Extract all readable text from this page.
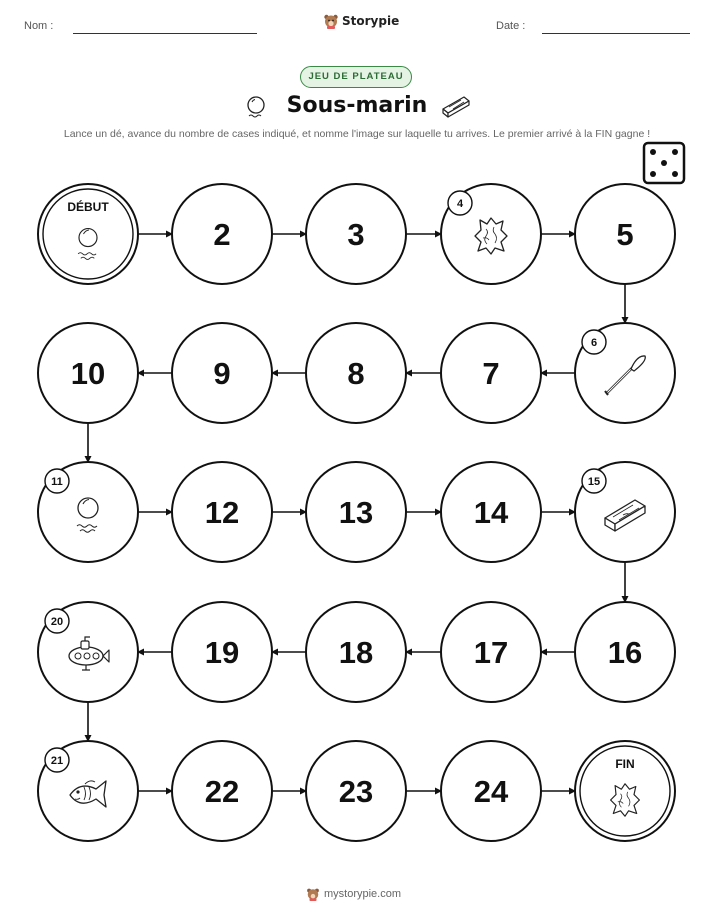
Nom :	Storypie	Date :
JEU DE PLATEAU
Sous-marin
Lance un dé, avance du nombre de cases indiqué, et nomme l'image sur laquelle tu arrives. Le premier arrivé à la FIN gagne !
DÉBUT
2	3
4
5
6
7
8
9
10
11
12	13	14
15
16
17
18
19
20
21
22	23	24
FIN
mystorypie.com
